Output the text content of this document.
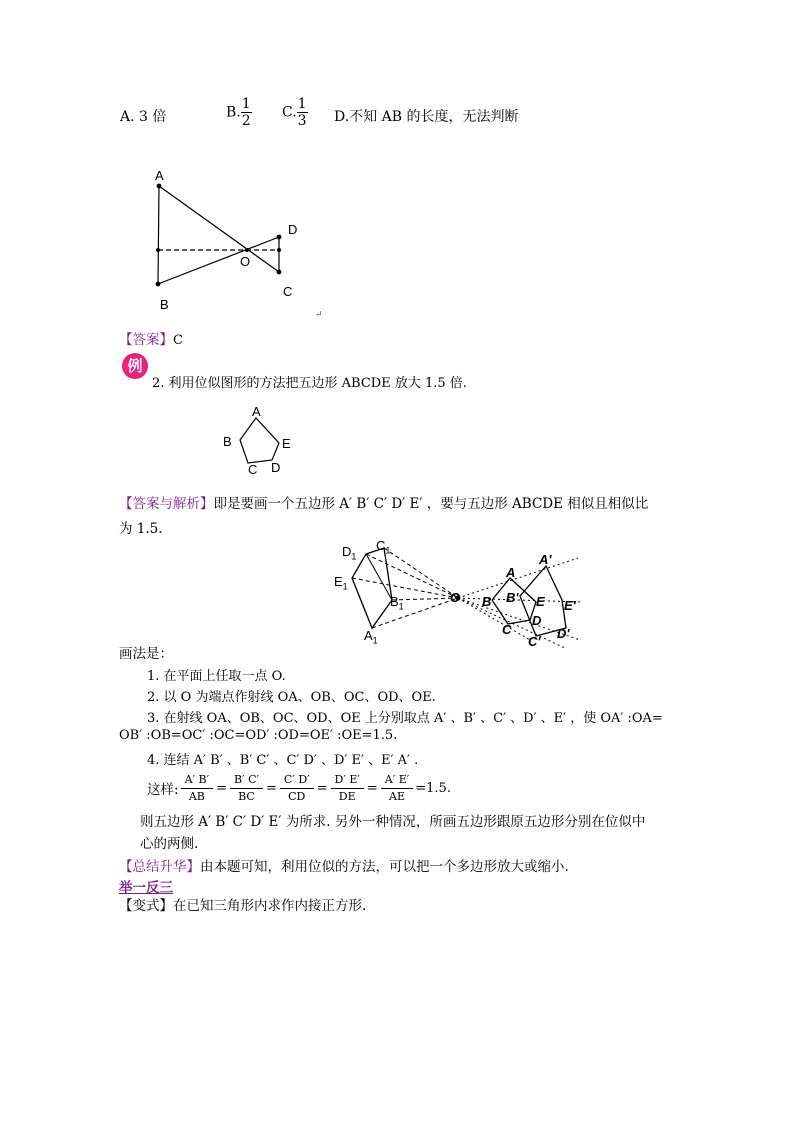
A. 3 倍	B. $\frac{1}{2} C$. $\frac{1}{3} D$.不知 AB 的长度，无法判断
A
B
O
C
D
↵
【答案】C
例
2. 利用位似图形的方法把五边形 ABCDE 放大 1.5 倍.
A
B
C D
E
【答案与解析】即是要画一个五边形 A′ B′ C′ D′ E′ ，要与五边形 ABCDE 相似且相似比
为 1.5.
$D_1$
$C_1$
$E_1$
$B_1$
$A_1$
O
A
A'
B B' E E'
C
D
C'
D'
画法是：
1. 在平面上任取一点 O.
2. 以 O 为端点作射线 OA、OB、OC、OD、OE.
3. 在射线 OA、OB、OC、OD、OE 上分别取点 A′ 、B′ 、C′ 、D′ 、E′ ，使 OA′ :OA=
OB′ :OB=OC′ :OC=OD′ :OD=OE′ :OE=1.5.
4. 连结 A′ B′ 、B′ C′ 、C′ D′ 、D′ E′ 、E′ A′ .
这样: $\frac{A' B'}{AB} = \frac{B' C'}{BC} = \frac{C' D'}{CD} = \frac{D' E'}{DE} = \frac{A' E'}{AE} =1.5$.
则五边形 A′ B′ C′ D′ E′ 为所求. 另外一种情况，所画五边形跟原五边形分别在位似中
心的两侧.
【总结升华】由本题可知，利用位似的方法，可以把一个多边形放大或缩小.
举一反三
【变式】在已知三角形内求作内接正方形.
